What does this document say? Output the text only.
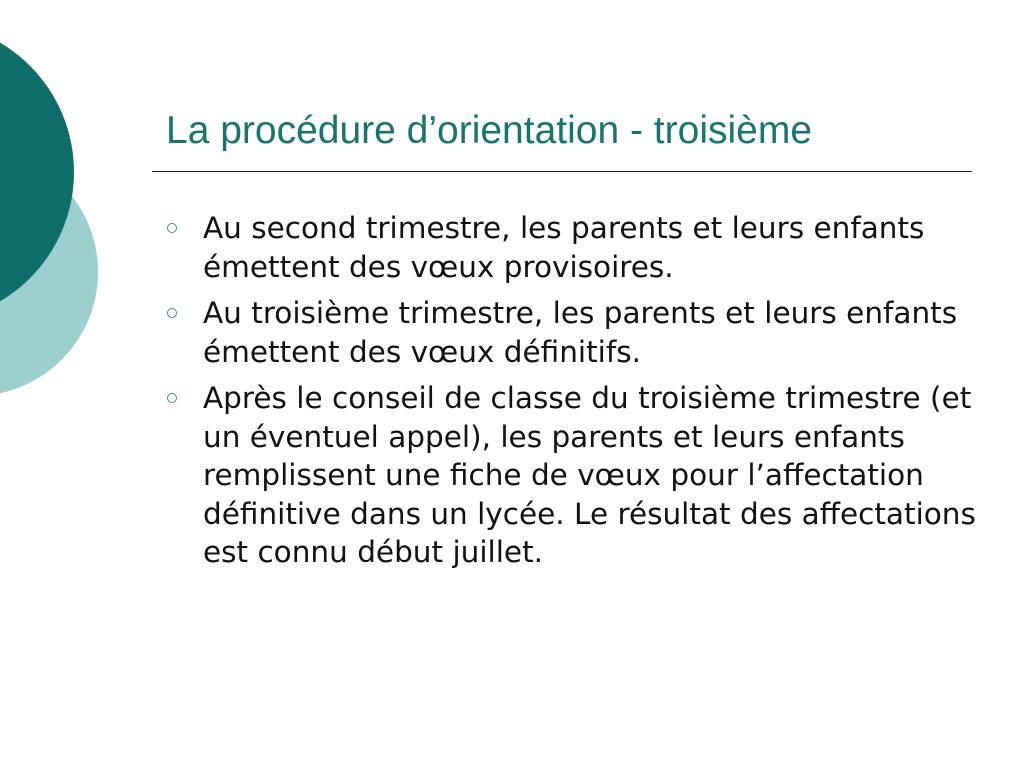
La procédure d’orientation - troisième
Au second trimestre, les parents et leurs enfants émettent des vœux provisoires.
Au troisième trimestre, les parents et leurs enfants émettent des vœux définitifs.
Après le conseil de classe du troisième trimestre (et un éventuel appel), les parents et leurs enfants remplissent une fiche de vœux pour l’affectation définitive dans un lycée. Le résultat des affectations est connu début juillet.
